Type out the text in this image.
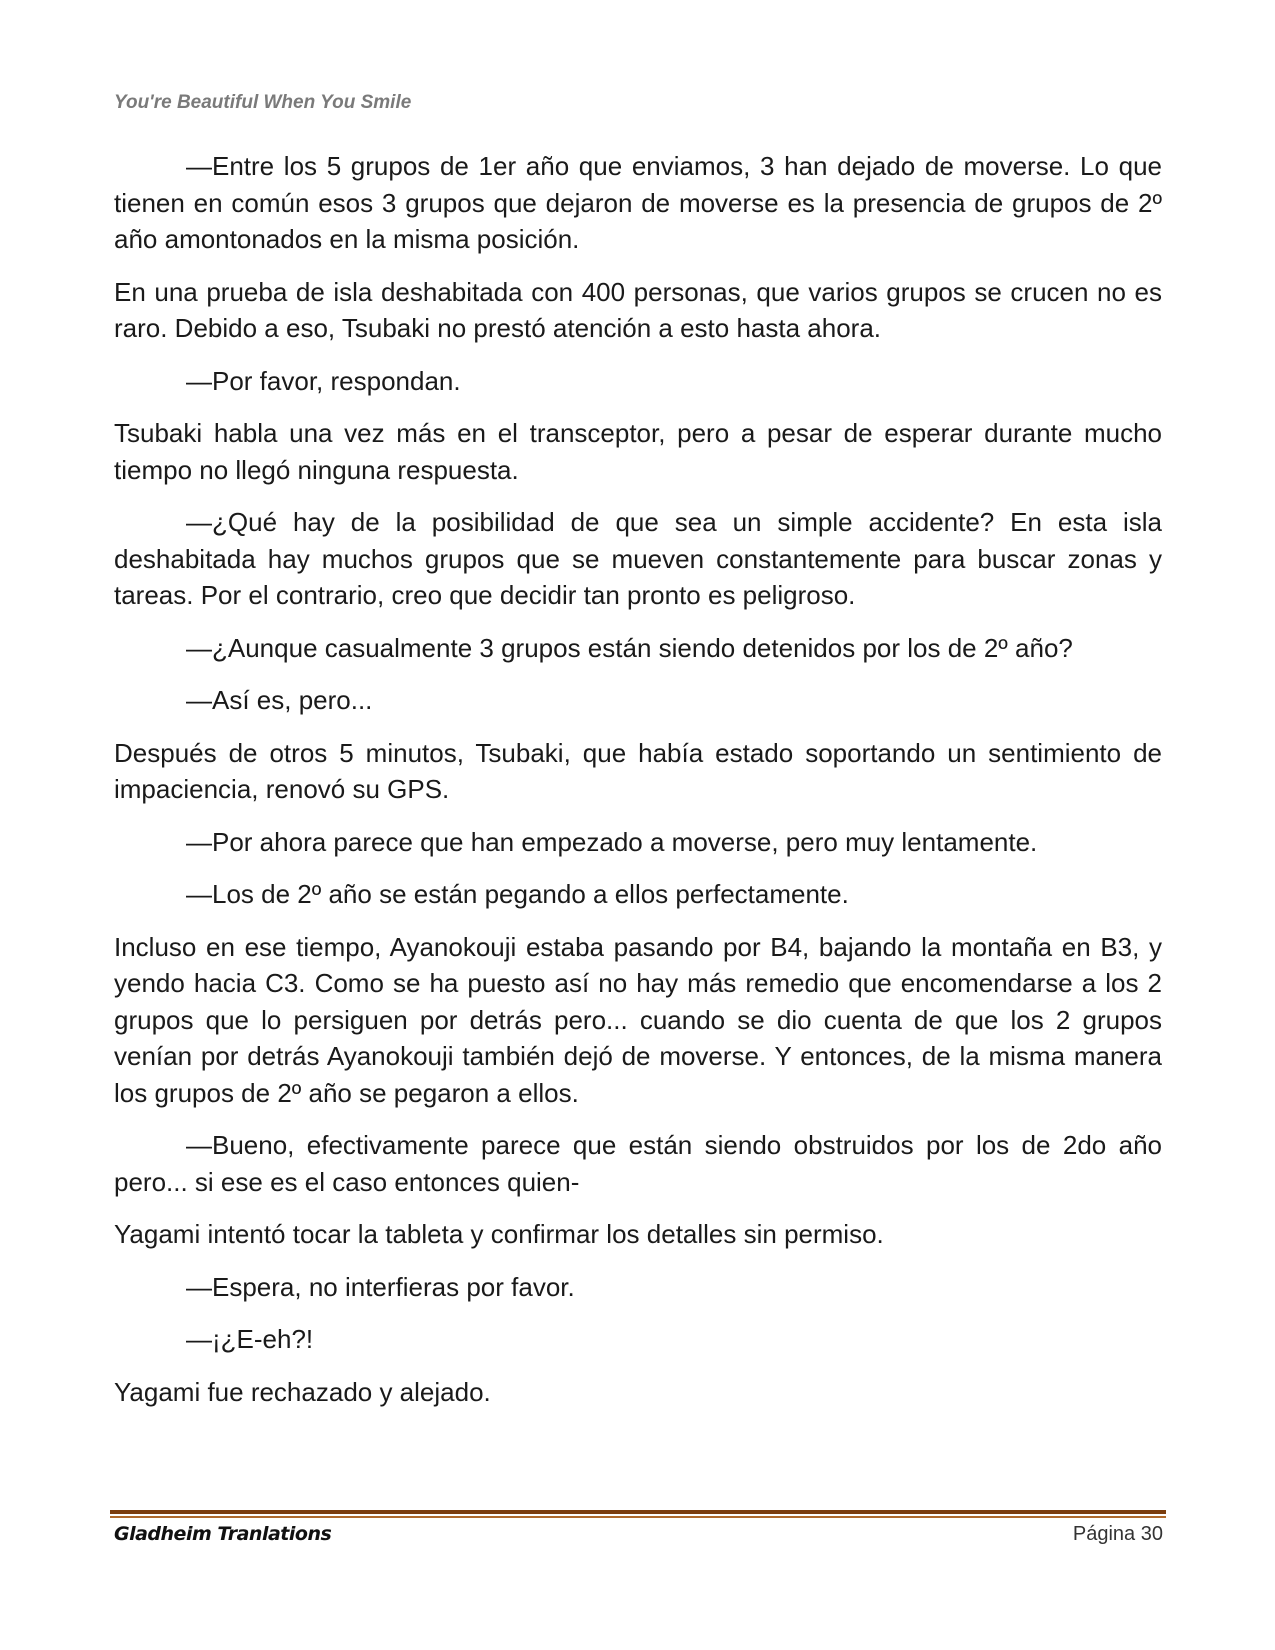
You're Beautiful When You Smile

—Entre los 5 grupos de 1er año que enviamos, 3 han dejado de moverse. Lo que tienen en común esos 3 grupos que dejaron de moverse es la presencia de grupos de 2º año amontonados en la misma posición.

En una prueba de isla deshabitada con 400 personas, que varios grupos se crucen no es raro. Debido a eso, Tsubaki no prestó atención a esto hasta ahora.

—Por favor, respondan.

Tsubaki habla una vez más en el transceptor, pero a pesar de esperar durante mucho tiempo no llegó ninguna respuesta.

—¿Qué hay de la posibilidad de que sea un simple accidente? En esta isla deshabitada hay muchos grupos que se mueven constantemente para buscar zonas y tareas. Por el contrario, creo que decidir tan pronto es peligroso.

—¿Aunque casualmente 3 grupos están siendo detenidos por los de 2º año?

—Así es, pero...

Después de otros 5 minutos, Tsubaki, que había estado soportando un sentimiento de impaciencia, renovó su GPS.

—Por ahora parece que han empezado a moverse, pero muy lentamente.

—Los de 2º año se están pegando a ellos perfectamente.

Incluso en ese tiempo, Ayanokouji estaba pasando por B4, bajando la montaña en B3, y yendo hacia C3. Como se ha puesto así no hay más remedio que encomendarse a los 2 grupos que lo persiguen por detrás pero... cuando se dio cuenta de que los 2 grupos venían por detrás Ayanokouji también dejó de moverse. Y entonces, de la misma manera los grupos de 2º año se pegaron a ellos.

—Bueno, efectivamente parece que están siendo obstruidos por los de 2do año pero... si ese es el caso entonces quien-

Yagami intentó tocar la tableta y confirmar los detalles sin permiso.

—Espera, no interfieras por favor.

—¡¿E-eh?!

Yagami fue rechazado y alejado.

Gladheim Tranlations	Página 30
